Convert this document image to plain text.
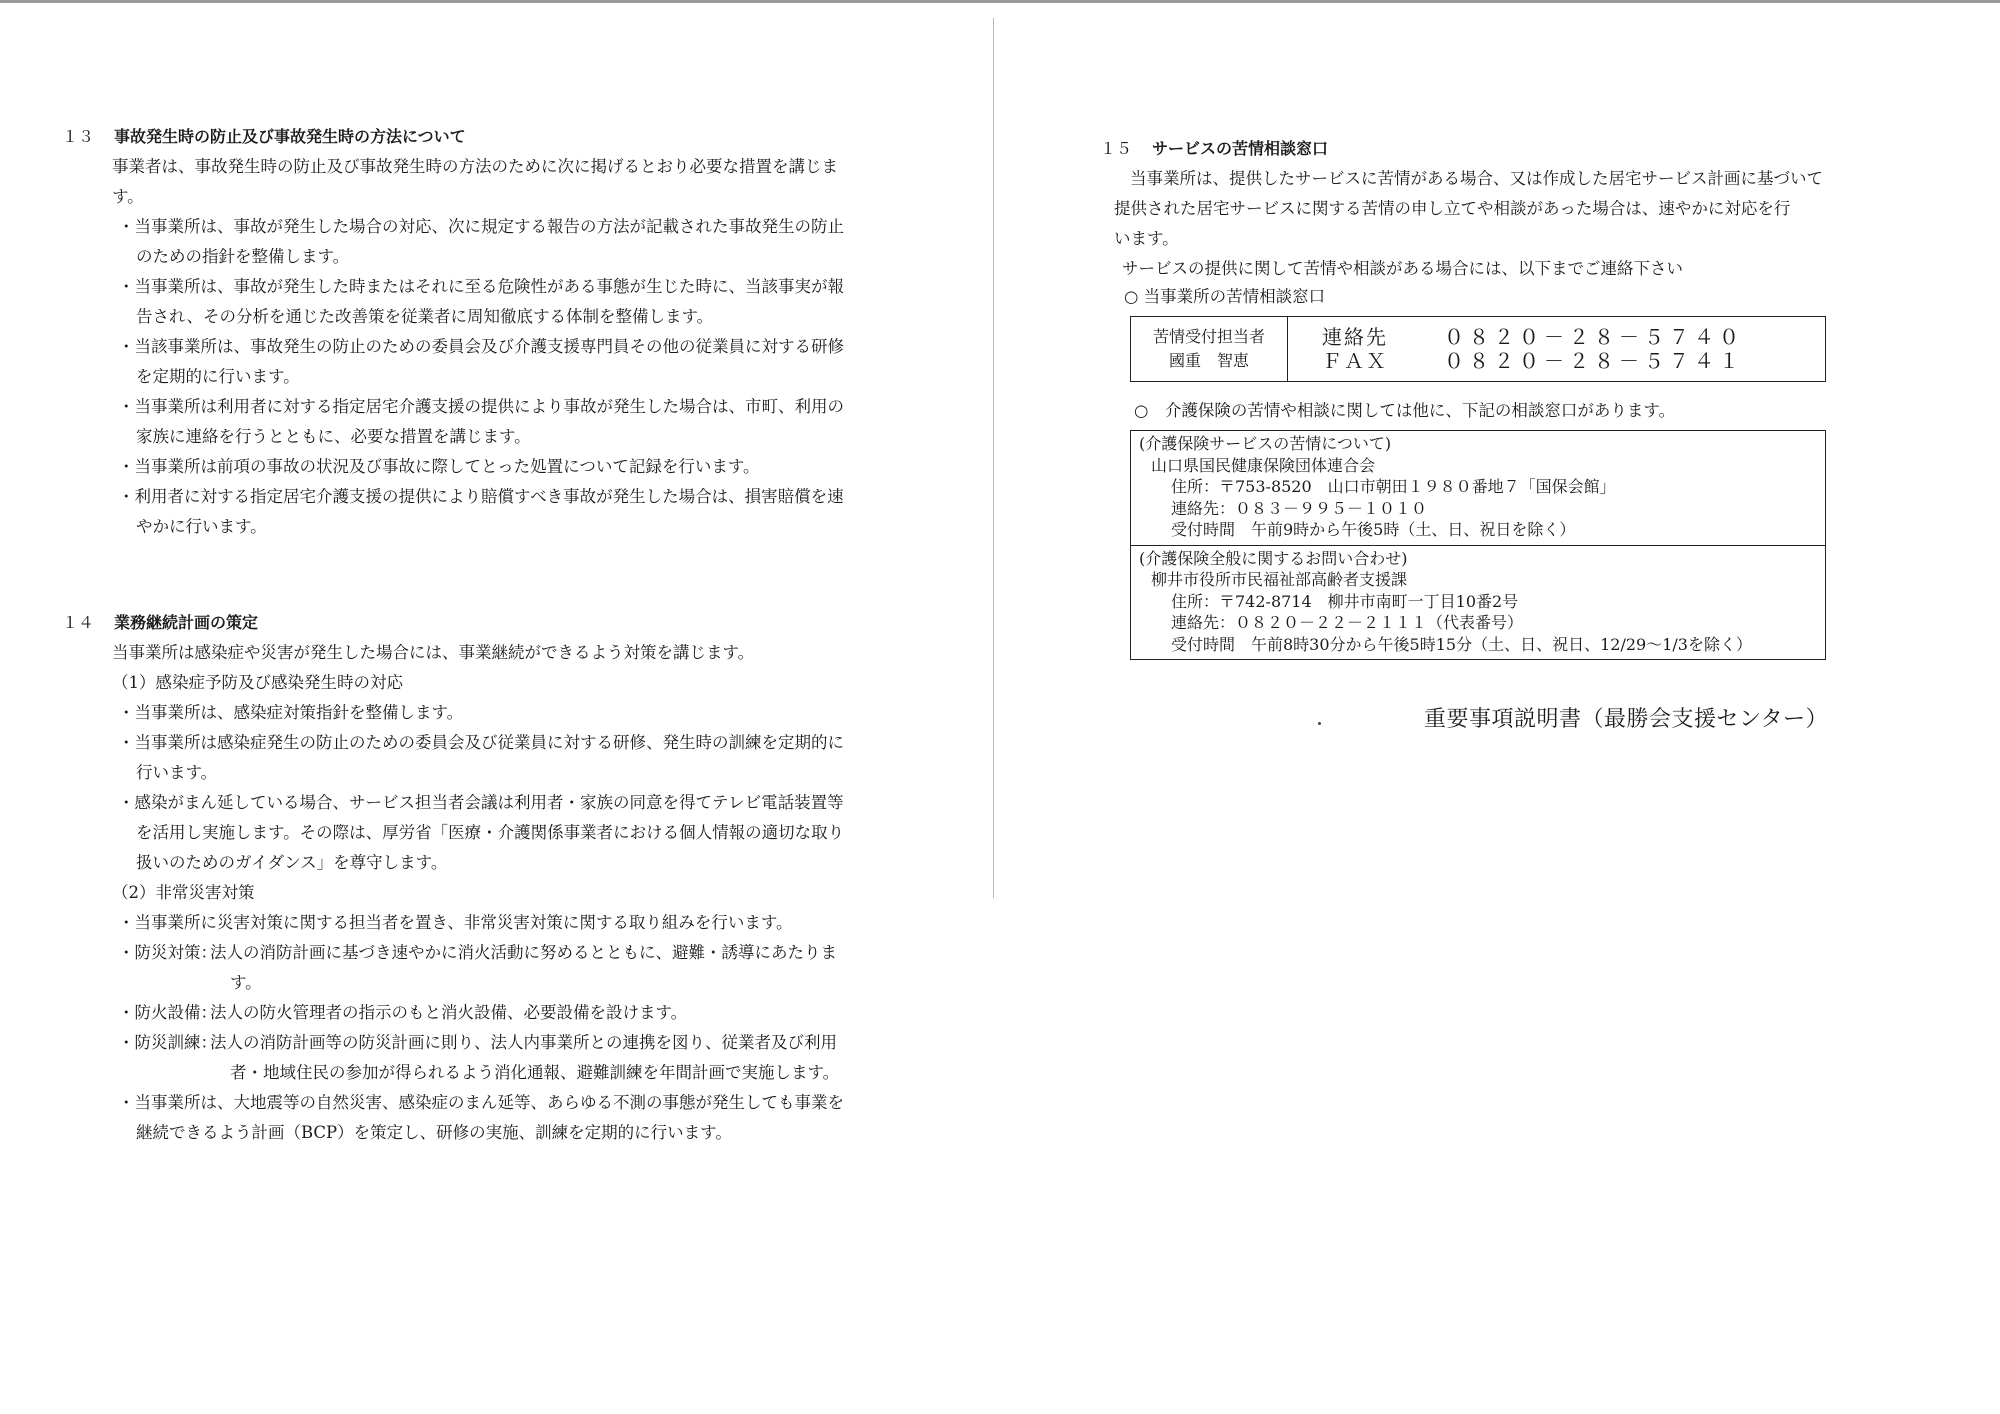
１３ 事故発生時の防止及び事故発生時の方法について
事業者は、事故発生時の防止及び事故発生時の方法のために次に掲げるとおり必要な措置を講じま
す。
・当事業所は、事故が発生した場合の対応、次に規定する報告の方法が記載された事故発生の防止
のための指針を整備します。
・当事業所は、事故が発生した時またはそれに至る危険性がある事態が生じた時に、当該事実が報
告され、その分析を通じた改善策を従業者に周知徹底する体制を整備します。
・当該事業所は、事故発生の防止のための委員会及び介護支援専門員その他の従業員に対する研修
を定期的に行います。
・当事業所は利用者に対する指定居宅介護支援の提供により事故が発生した場合は、市町、利用の
家族に連絡を行うとともに、必要な措置を講じます。
・当事業所は前項の事故の状況及び事故に際してとった処置について記録を行います。
・利用者に対する指定居宅介護支援の提供により賠償すべき事故が発生した場合は、損害賠償を速
やかに行います。
１４ 業務継続計画の策定
当事業所は感染症や災害が発生した場合には、事業継続ができるよう対策を講じます。
（1）感染症予防及び感染発生時の対応
・当事業所は、感染症対策指針を整備します。
・当事業所は感染症発生の防止のための委員会及び従業員に対する研修、発生時の訓練を定期的に
行います。
・感染がまん延している場合、サービス担当者会議は利用者・家族の同意を得てテレビ電話装置等
を活用し実施します。その際は、厚労省「医療・介護関係事業者における個人情報の適切な取り
扱いのためのガイダンス」を尊守します。
（2）非常災害対策
・当事業所に災害対策に関する担当者を置き、非常災害対策に関する取り組みを行います。
・防災対策：
法人の消防計画に基づき速やかに消火活動に努めるとともに、避難・誘導にあたりま
す。
・防火設備：
法人の防火管理者の指示のもと消火設備、必要設備を設けます。
・防災訓練：
法人の消防計画等の防災計画に則り、法人内事業所との連携を図り、従業者及び利用
者・地域住民の参加が得られるよう消化通報、避難訓練を年間計画で実施します。
・当事業所は、大地震等の自然災害、感染症のまん延等、あらゆる不測の事態が発生しても事業を
継続できるよう計画（BCP）を策定し、研修の実施、訓練を定期的に行います。
１５ サービスの苦情相談窓口
当事業所は、提供したサービスに苦情がある場合、又は作成した居宅サービス計画に基づいて
提供された居宅サービスに関する苦情の申し立てや相談があった場合は、速やかに対応を行
います。
サービスの提供に関して苦情や相談がある場合には、以下までご連絡下さい
○ 当事業所の苦情相談窓口
苦情受付担当者
國重　智恵
連絡先	０８２０－２８－５７４０
ＦＡＸ	０８２０－２８－５７４１
○　介護保険の苦情や相談に関しては他に、下記の相談窓口があります。
(介護保険サービスの苦情について)
山口県国民健康保険団体連合会
住所：〒753-8520　山口市朝田１９８０番地７「国保会館」
連絡先：０８３－９９５－１０１０
受付時間　午前9時から午後5時（土、日、祝日を除く）
(介護保険全般に関するお問い合わせ)
柳井市役所市民福祉部高齢者支援課
住所：〒742-8714　柳井市南町一丁目10番2号
連絡先：０８２０－２２－２１１１（代表番号）
受付時間　午前8時30分から午後5時15分（土、日、祝日、12/29～1/3を除く）
重要事項説明書（最勝会支援センター）
